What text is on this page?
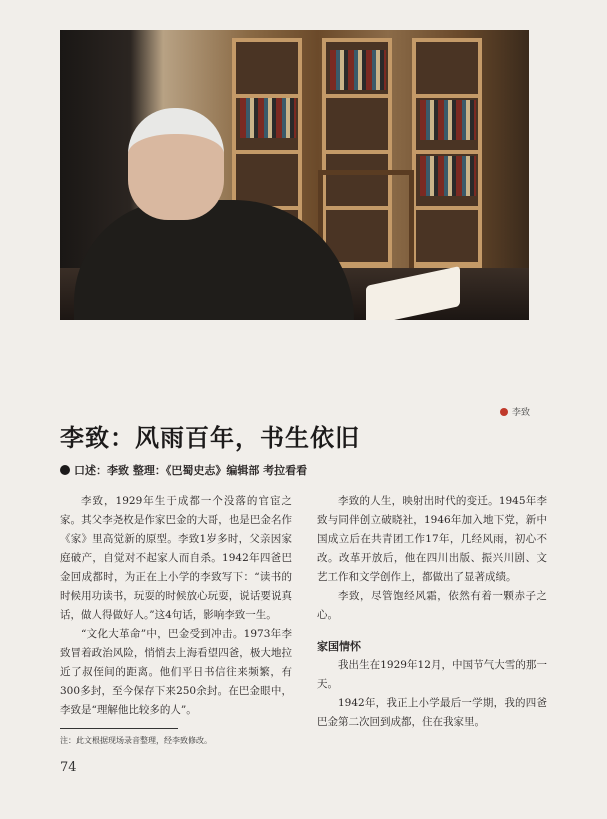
李致
李致：风雨百年，书生依旧
口述：李致 整理：《巴蜀史志》编辑部 考拉看看

李致，1929年生于成都一个没落的官宦之家。其父李尧枚是作家巴金的大哥，也是巴金名作《家》里高觉新的原型。李致1岁多时，父亲因家庭破产，自觉对不起家人而自杀。1942年四爸巴金回成都时，为正在上小学的李致写下：“读书的时候用功读书，玩耍的时候放心玩耍，说话要说真话，做人得做好人。”这4句话，影响李致一生。

“文化大革命”中，巴金受到冲击。1973年李致冒着政治风险，悄悄去上海看望四爸，极大地拉近了叔侄间的距离。他们平日书信往来频繁，有300多封，至今保存下来250余封。在巴金眼中，李致是“理解他比较多的人”。

李致的人生，映射出时代的变迁。1945年李致与同伴创立破晓社，1946年加入地下党，新中国成立后在共青团工作17年，几经风雨，初心不改。改革开放后，他在四川出版、振兴川剧、文艺工作和文学创作上，都做出了显著成绩。

李致，尽管饱经风霜，依然有着一颗赤子之心。

家国情怀

我出生在1929年12月，中国节气大雪的那一天。

1942年，我正上小学最后一学期，我的四爸巴金第二次回到成都，住在我家里。

注：此文根据现场录音整理，经李致修改。
74
